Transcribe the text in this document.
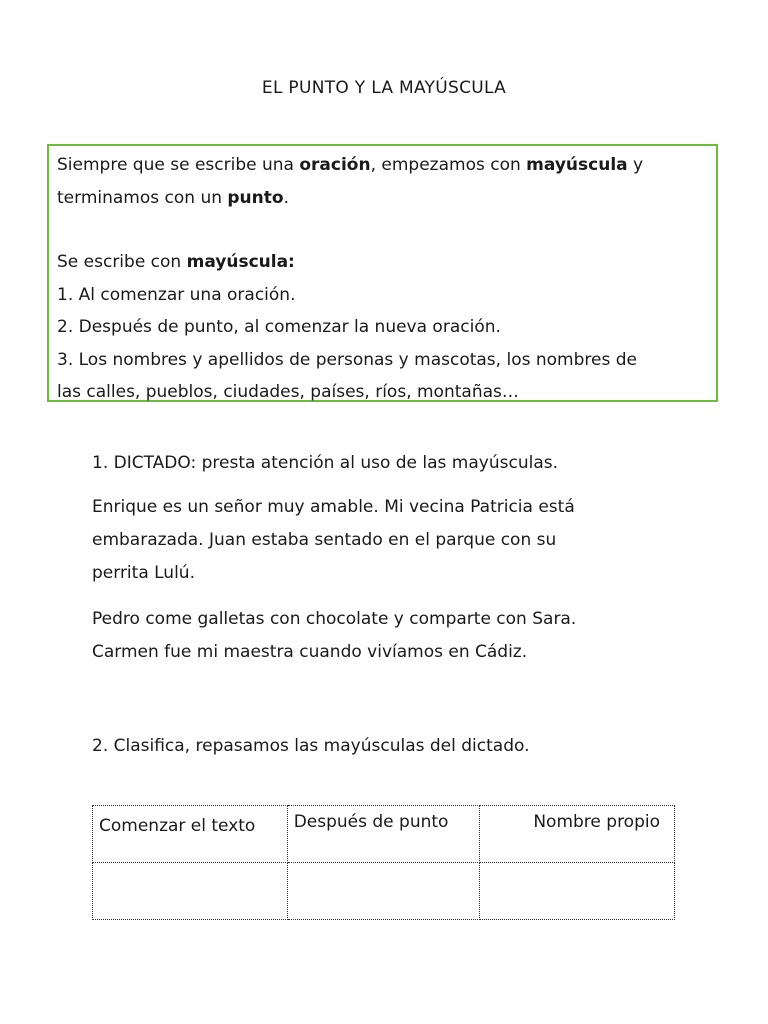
EL PUNTO Y LA MAYÚSCULA

Siempre que se escribe una oración, empezamos con mayúscula y

terminamos con un punto.

Se escribe con mayúscula:

1. Al comenzar una oración.

2. Después de punto, al comenzar la nueva oración.

3. Los nombres y apellidos de personas y mascotas, los nombres de

las calles, pueblos, ciudades, países, ríos, montañas…

1. DICTADO: presta atención al uso de las mayúsculas.

Enrique es un señor muy amable. Mi vecina Patricia está

embarazada. Juan estaba sentado en el parque con su

perrita Lulú.

Pedro come galletas con chocolate y comparte con Sara.

Carmen fue mi maestra cuando vivíamos en Cádiz.

2. Clasifica, repasamos las mayúsculas del dictado.

Comenzar el texto	Después de punto	Nombre propio
